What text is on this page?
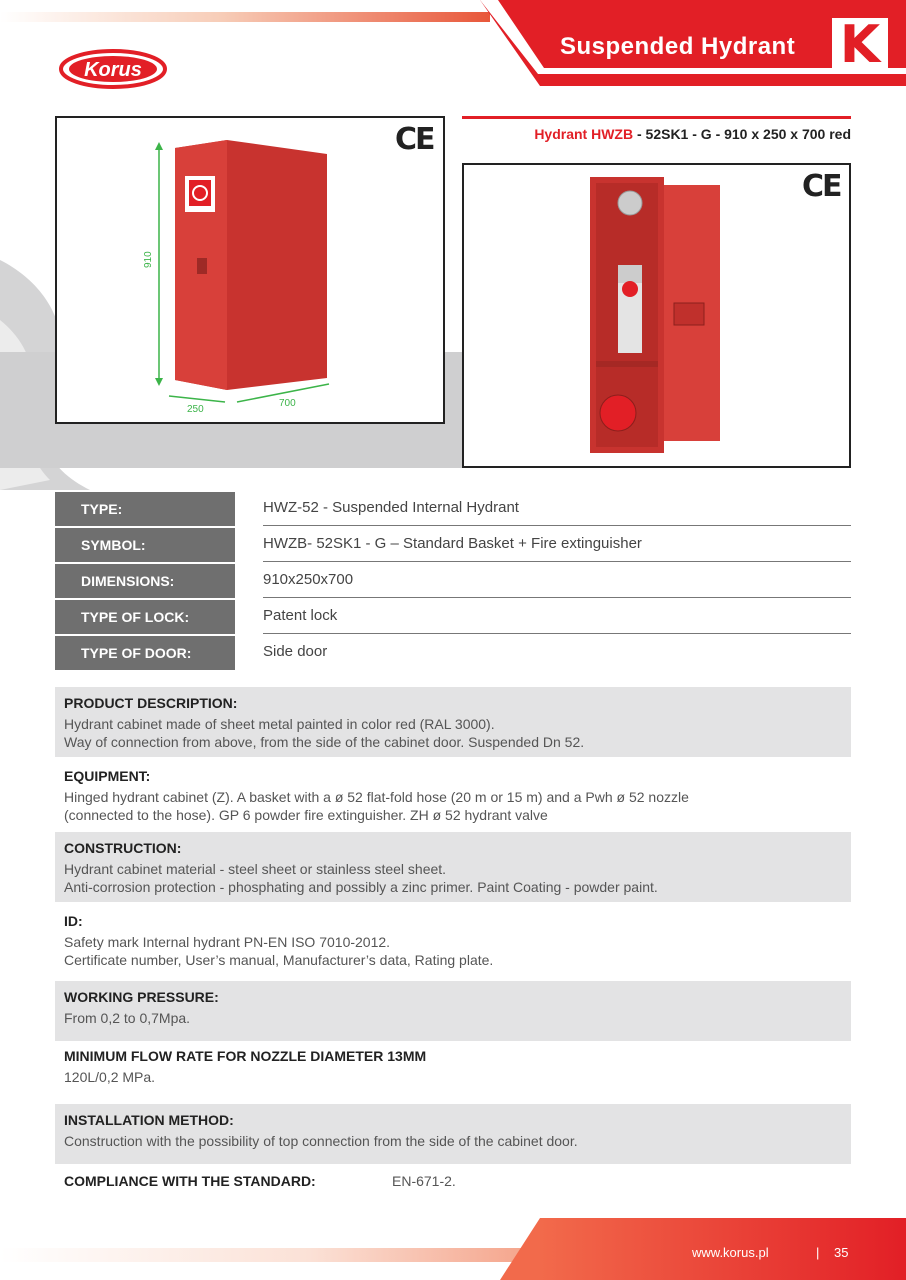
Suspended Hydrant K
Korus
910
250
700
CE	Hydrant HWZB - 52SK1 - G - 910 x 250 x 700 red
CE
TYPE:	HWZ-52 - Suspended Internal Hydrant
SYMBOL:	HWZB- 52SK1 - G – Standard Basket + Fire extinguisher
DIMENSIONS:	910x250x700
TYPE OF LOCK:	Patent lock
TYPE OF DOOR:	Side door
PRODUCT DESCRIPTION:
Hydrant cabinet made of sheet metal painted in color red (RAL 3000).
Way of connection from above, from the side of the cabinet door. Suspended Dn 52.
EQUIPMENT:
Hinged hydrant cabinet (Z). A basket with a ø 52 flat-fold hose (20 m or 15 m) and a Pwh ø 52 nozzle
(connected to the hose). GP 6 powder fire extinguisher. ZH ø 52 hydrant valve
CONSTRUCTION:
Hydrant cabinet material - steel sheet or stainless steel sheet.
Anti-corrosion protection - phosphating and possibly a zinc primer. Paint Coating - powder paint.
ID:
Safety mark Internal hydrant PN-EN ISO 7010-2012.
Certificate number, User’s manual, Manufacturer’s data, Rating plate.
WORKING PRESSURE:
From 0,2 to 0,7Mpa.
MINIMUM FLOW RATE FOR NOZZLE DIAMETER 13MM
120L/0,2 MPa.
INSTALLATION METHOD:
Construction with the possibility of top connection from the side of the cabinet door.
COMPLIANCE WITH THE STANDARD:	EN-671-2.
www.korus.pl	| 35
